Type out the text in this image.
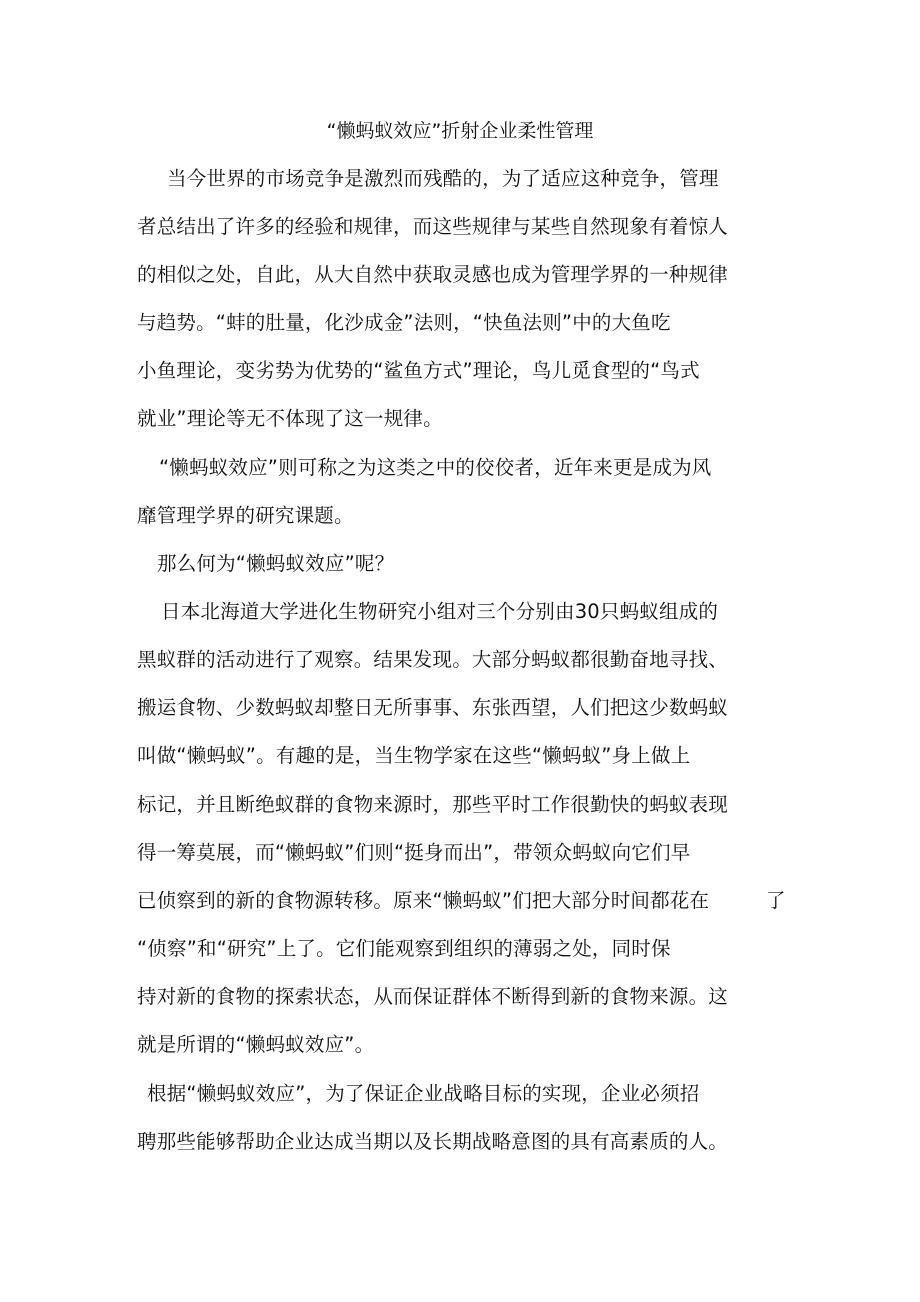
“懒蚂蚁效应”折射企业柔性管理
当今世界的市场竞争是激烈而残酷的，为了适应这种竞争，管理
者总结出了许多的经验和规律，而这些规律与某些自然现象有着惊人
的相似之处，自此，从大自然中获取灵感也成为管理学界的一种规律
与趋势。“蚌的肚量，化沙成金”法则，“快鱼法则”中的大鱼吃
小鱼理论，变劣势为优势的“鲨鱼方式”理论，鸟儿觅食型的“鸟式
就业”理论等无不体现了这一规律。
“懒蚂蚁效应”则可称之为这类之中的佼佼者，近年来更是成为风
靡管理学界的研究课题。
那么何为“懒蚂蚁效应”呢？
日本北海道大学进化生物研究小组对三个分别由30只蚂蚁组成的
黑蚁群的活动进行了观察。结果发现。大部分蚂蚁都很勤奋地寻找、
搬运食物、少数蚂蚁却整日无所事事、东张西望，人们把这少数蚂蚁
叫做“懒蚂蚁”。有趣的是，当生物学家在这些“懒蚂蚁”身上做上
标记，并且断绝蚁群的食物来源时，那些平时工作很勤快的蚂蚁表现
得一筹莫展，而“懒蚂蚁”们则“挺身而出”，带领众蚂蚁向它们早
已侦察到的新的食物源转移。原来“懒蚂蚁”们把大部分时间都花在	了
“侦察”和“研究”上了。它们能观察到组织的薄弱之处，同时保
持对新的食物的探索状态，从而保证群体不断得到新的食物来源。这
就是所谓的“懒蚂蚁效应”。
根据“懒蚂蚁效应”，为了保证企业战略目标的实现，企业必须招
聘那些能够帮助企业达成当期以及长期战略意图的具有高素质的人。
